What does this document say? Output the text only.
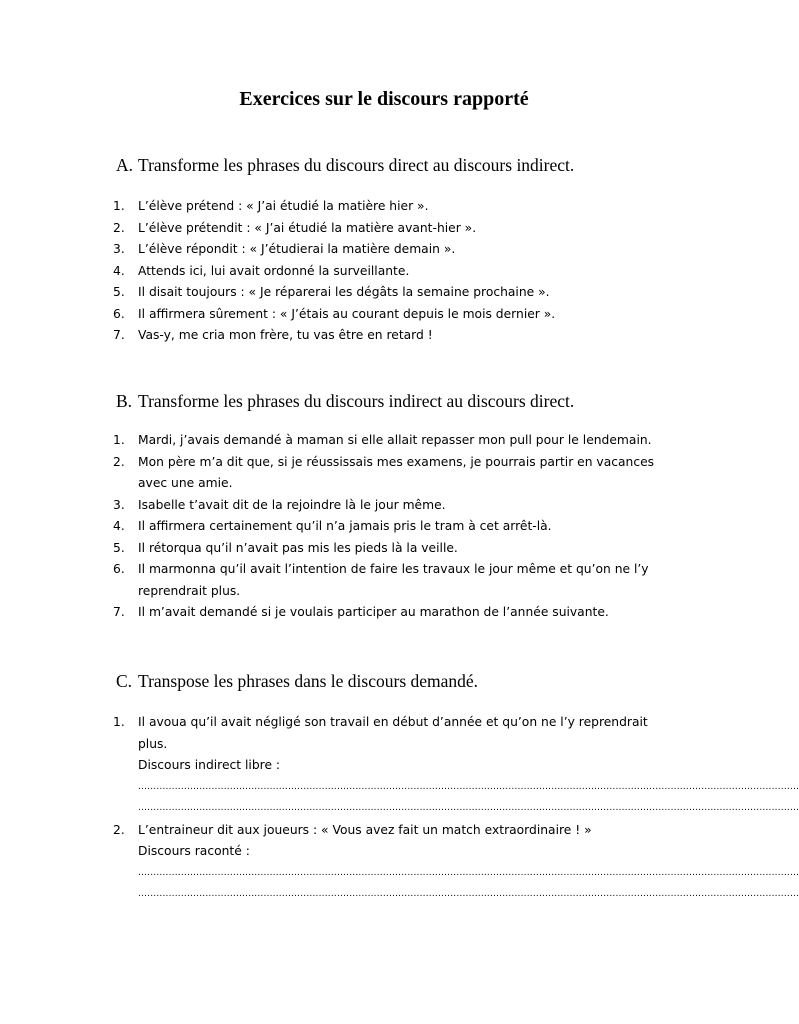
Exercices sur le discours rapporté
A. Transforme les phrases du discours direct au discours indirect.
1. L’élève prétend : « J’ai étudié la matière hier ».
2. L’élève prétendit : « J’ai étudié la matière avant-hier ».
3. L’élève répondit : « J’étudierai la matière demain ».
4. Attends ici, lui avait ordonné la surveillante.
5. Il disait toujours : « Je réparerai les dégâts la semaine prochaine ».
6. Il affirmera sûrement : « J’étais au courant depuis le mois dernier ».
7. Vas-y, me cria mon frère, tu vas être en retard !
B. Transforme les phrases du discours indirect au discours direct.
1. Mardi, j’avais demandé à maman si elle allait repasser mon pull pour le lendemain.
2. Mon père m’a dit que, si je réussissais mes examens, je pourrais partir en vacances avec une amie.
3. Isabelle t’avait dit de la rejoindre là le jour même.
4. Il affirmera certainement qu’il n’a jamais pris le tram à cet arrêt-là.
5. Il rétorqua qu’il n’avait pas mis les pieds là la veille.
6. Il marmonna qu’il avait l’intention de faire les travaux le jour même et qu’on ne l’y reprendrait plus.
7. Il m’avait demandé si je voulais participer au marathon de l’année suivante.
C. Transpose les phrases dans le discours demandé.
1. Il avoua qu’il avait négligé son travail en début d’année et qu’on ne l’y reprendrait plus.
Discours indirect libre :
........................................................................................................................................................................................................................
........................................................................................................................................................................................................................
2. L’entraineur dit aux joueurs : « Vous avez fait un match extraordinaire ! »
Discours raconté :
........................................................................................................................................................................................................................
........................................................................................................................................................................................................................
